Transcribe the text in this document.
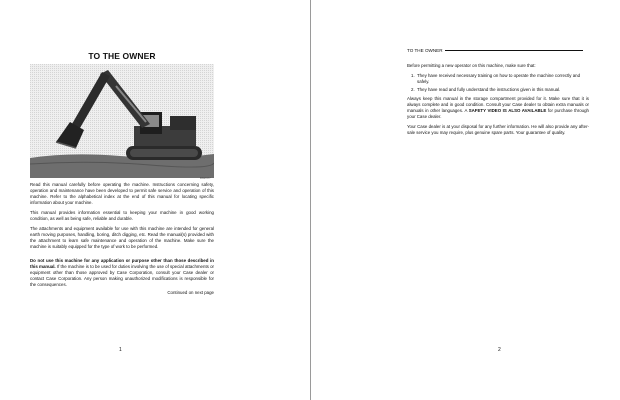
TO THE OWNER
BS97077

Read this manual carefully before operating the machine. Instructions concerning safety, operation and maintenance have been developed to permit safe service and operation of this machine. Refer to the alphabetical index at the end of this manual for locating specific information about your machine.

This manual provides information essential to keeping your machine in good working condition, as well as being safe, reliable and durable.

The attachments and equipment available for use with this machine are intended for general earth moving purposes, handling, boring, ditch digging, etc. Read the manual(s) provided with the attachment to learn safe maintenance and operation of the machine. Make sure the machine is suitably equipped for the type of work to be performed.

Do not use this machine for any application or purpose other than those described in this manual. If the machine is to be used for duties involving the use of special attachments or equipment other than those approved by Case Corporation, consult your Case dealer or contact Case Corporation. Any person making unauthorized modifications is responsible for the consequences.

Continued on next page
1
TO THE OWNER

Before permitting a new operator on this machine, make sure that:

1. They have received necessary training on how to operate the machine correctly and safely.
2. They have read and fully understand the instructions given in this manual.

Always keep this manual in the storage compartment provided for it. Make sure that it is always complete and in good condition. Consult your Case dealer to obtain extra manuals or manuals in other languages. A SAFETY VIDEO IS ALSO AVAILABLE for purchase through your Case dealer.

Your Case dealer is at your disposal for any further information. He will also provide any after-sale service you may require, plus genuine spare parts. Your guarantee of quality.

2
